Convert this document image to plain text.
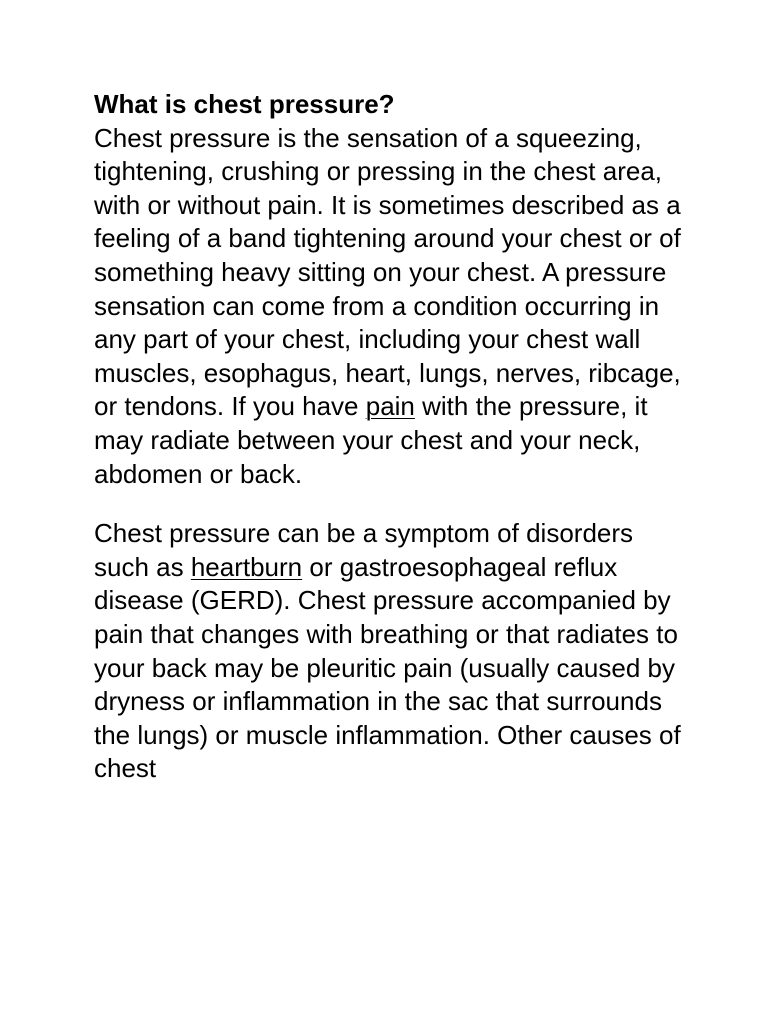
What is chest pressure?

Chest pressure is the sensation of a squeezing, tightening, crushing or pressing in the chest area, with or without pain. It is sometimes described as a feeling of a band tightening around your chest or of something heavy sitting on your chest. A pressure sensation can come from a condition occurring in any part of your chest, including your chest wall muscles, esophagus, heart, lungs, nerves, ribcage, or tendons. If you have pain with the pressure, it may radiate between your chest and your neck, abdomen or back.

Chest pressure can be a symptom of disorders such as heartburn or gastroesophageal reflux disease (GERD). Chest pressure accompanied by pain that changes with breathing or that radiates to your back may be pleuritic pain (usually caused by dryness or inflammation in the sac that surrounds the lungs) or muscle inflammation. Other causes of chest
